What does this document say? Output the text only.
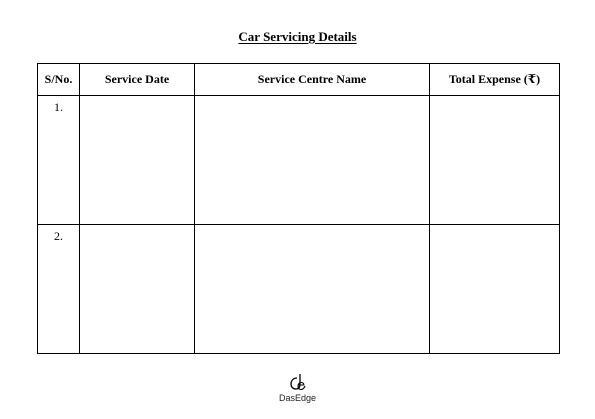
Car Servicing Details
S/No.	Service Date	Service Centre Name	Total Expense (₹)
1.			
2.			
DasEdge
